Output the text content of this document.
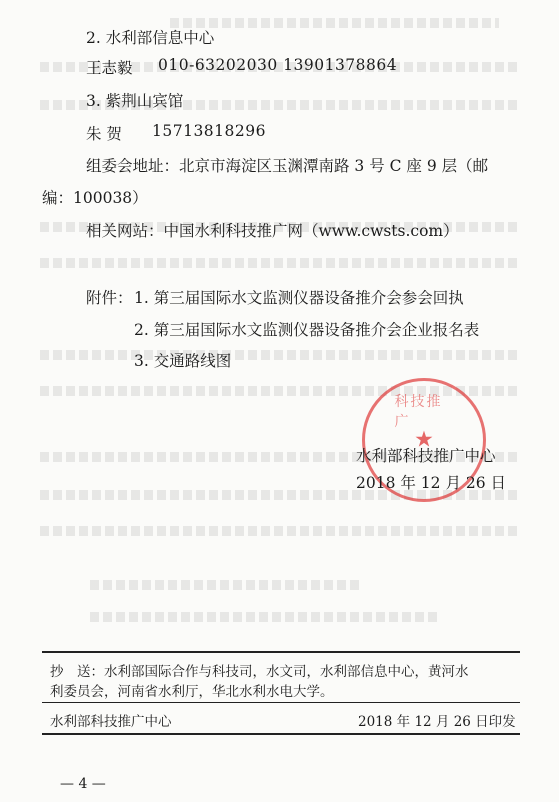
2. 水利部信息中心
王志毅 010-63202030 13901378864
3. 紫荆山宾馆
朱 贺 15713818296
组委会地址：北京市海淀区玉渊潭南路 3 号 C 座 9 层（邮
编：100038）
相关网站：中国水利科技推广网（www.cwsts.com）
附件： 1. 第三届国际水文监测仪器设备推介会参会回执
2. 第三届国际水文监测仪器设备推介会企业报名表
3. 交通路线图
科技推广
★
水利部科技推广中心
2018 年 12 月 26 日
抄　送：水利部国际合作与科技司，水文司，水利部信息中心，黄河水
利委员会，河南省水利厅，华北水利水电大学。
水利部科技推广中心	2018 年 12 月 26 日印发
— 4 —
